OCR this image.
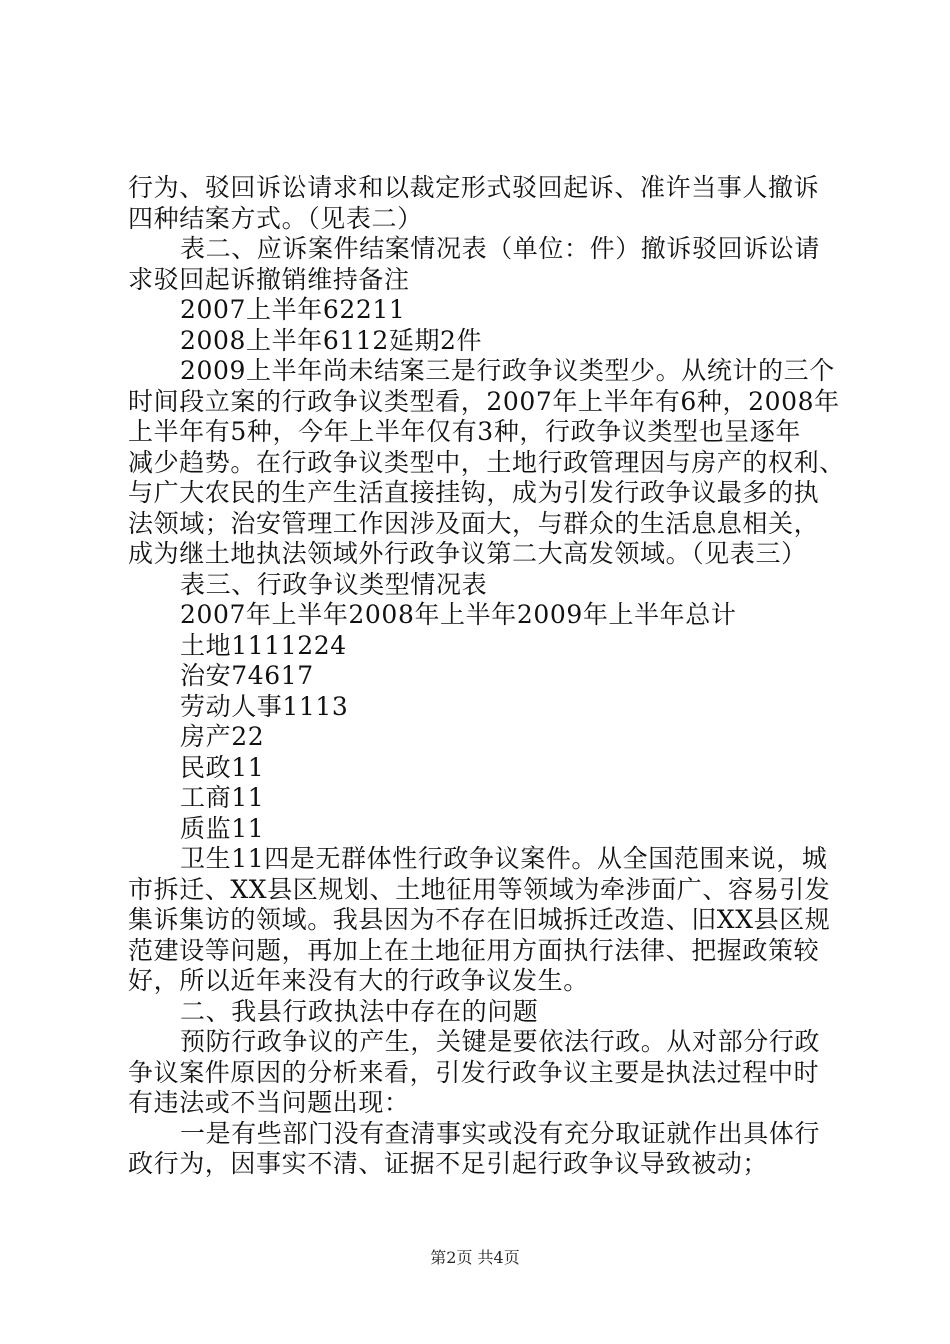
行为、驳回诉讼请求和以裁定形式驳回起诉、准许当事人撤诉
四种结案方式。（见表二）
表二、应诉案件结案情况表（单位：件）撤诉驳回诉讼请
求驳回起诉撤销维持备注
2007上半年62211
2008上半年6112延期2件
2009上半年尚未结案三是行政争议类型少。从统计的三个
时间段立案的行政争议类型看，2007年上半年有6种，2008年
上半年有5种，今年上半年仅有3种，行政争议类型也呈逐年
减少趋势。在行政争议类型中，土地行政管理因与房产的权利、
与广大农民的生产生活直接挂钩，成为引发行政争议最多的执
法领域；治安管理工作因涉及面大，与群众的生活息息相关，
成为继土地执法领域外行政争议第二大高发领域。（见表三）
表三、行政争议类型情况表
2007年上半年2008年上半年2009年上半年总计
土地1111224
治安74617
劳动人事1113
房产22
民政11
工商11
质监11
卫生11四是无群体性行政争议案件。从全国范围来说，城
市拆迁、XX县区规划、土地征用等领域为牵涉面广、容易引发
集诉集访的领域。我县因为不存在旧城拆迁改造、旧XX县区规
范建设等问题，再加上在土地征用方面执行法律、把握政策较
好，所以近年来没有大的行政争议发生。
二、我县行政执法中存在的问题
预防行政争议的产生，关键是要依法行政。从对部分行政
争议案件原因的分析来看，引发行政争议主要是执法过程中时
有违法或不当问题出现：
一是有些部门没有查清事实或没有充分取证就作出具体行
政行为，因事实不清、证据不足引起行政争议导致被动；
第2页 共4页
